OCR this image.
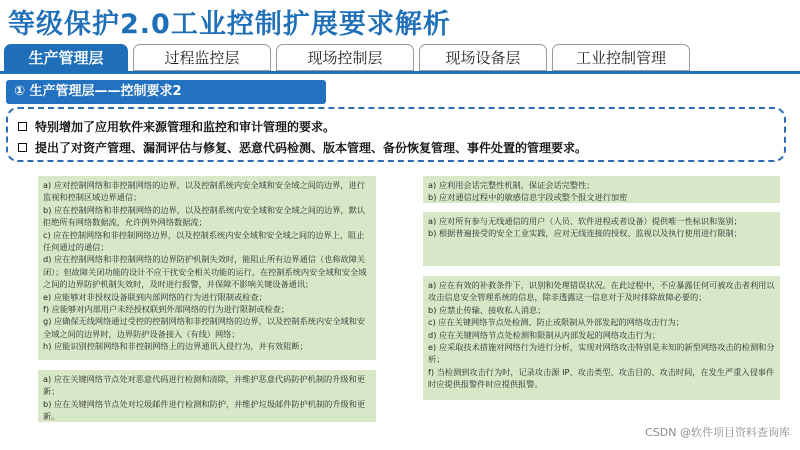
等级保护2.0工业控制扩展要求解析
生产管理层	过程监控层	现场控制层	现场设备层	工业控制管理
① 生产管理层——控制要求2
特别增加了应用软件来源管理和监控和审计管理的要求。
提出了对资产管理、漏洞评估与修复、恶意代码检测、版本管理、备份恢复管理、事件处置的管理要求。
a) 应对控制网络和非控制网络的边界，以及控制系统内安全域和安全域之间的边界，进行监视和控制区域边界通信；
b) 应在控制网络和非控制网络的边界，以及控制系统内安全域和安全域之间的边界，默认拒绝所有网络数据流，允许例外网络数据流；
c) 应在控制网络和非控制网络边界，以及控制系统内安全域和安全域之间的边界上，阻止任何通过的通信；
d) 应在控制网络和非控制网络的边界防护机制失效时，能阻止所有边界通信（也称故障关闭）；但故障关闭功能的设计不应干扰安全相关功能的运行，在控制系统内安全域和安全域之间的边界防护机制失效时，及时进行报警，并保障不影响关键设备通讯；
e) 应能够对非授权设备联到内部网络的行为进行限制或检查；
f) 应能够对内部用户未经授权联到外部网络的行为进行限制或检查；
g) 应确保无线网络通过受控的控制网络和非控制网络的边界，以及控制系统内安全域和安全域之间的边界时，边界防护设备接入（有线）网络；
h) 应能识别控制网络和非控制网络上的边界通讯入侵行为，并有效阻断；
a) 应在关键网络节点处对恶意代码进行检测和清除，并维护恶意代码防护机制的升级和更新；
b) 应在关键网络节点处对垃圾邮件进行检测和防护，并维护垃圾邮件防护机制的升级和更新。
a) 应利用会话完整性机制，保证会话完整性；
b) 应对通信过程中的敏感信息字段或整个报文进行加密
a) 应对所有参与无线通信的用户（人员、软件进程或者设备）提供唯一性标识和鉴别；
b) 根据普遍接受的安全工业实践，应对无线连接的授权、监视以及执行使用进行限制；
a) 应在有效的补救条件下，识别和处理错误状况。在此过程中，不应暴露任何可被攻击者利用以攻击信息安全管理系统的信息，除非透露这一信息对于及时排除故障必要的；
b) 应禁止传输、接收私人消息；
c) 应在关键网络节点处检测、防止或限制从外部发起的网络攻击行为；
d) 应在关键网络节点处检测和限制从内部发起的网络攻击行为；
e) 应采取技术措施对网络行为进行分析，实现对网络攻击特别是未知的新型网络攻击的检测和分析；
f) 当检测到攻击行为时，记录攻击源 IP、攻击类型、攻击目的、攻击时间，在发生严重入侵事件时应提供报警件时应提供报警。
CSDN @软件项目资料查询库
